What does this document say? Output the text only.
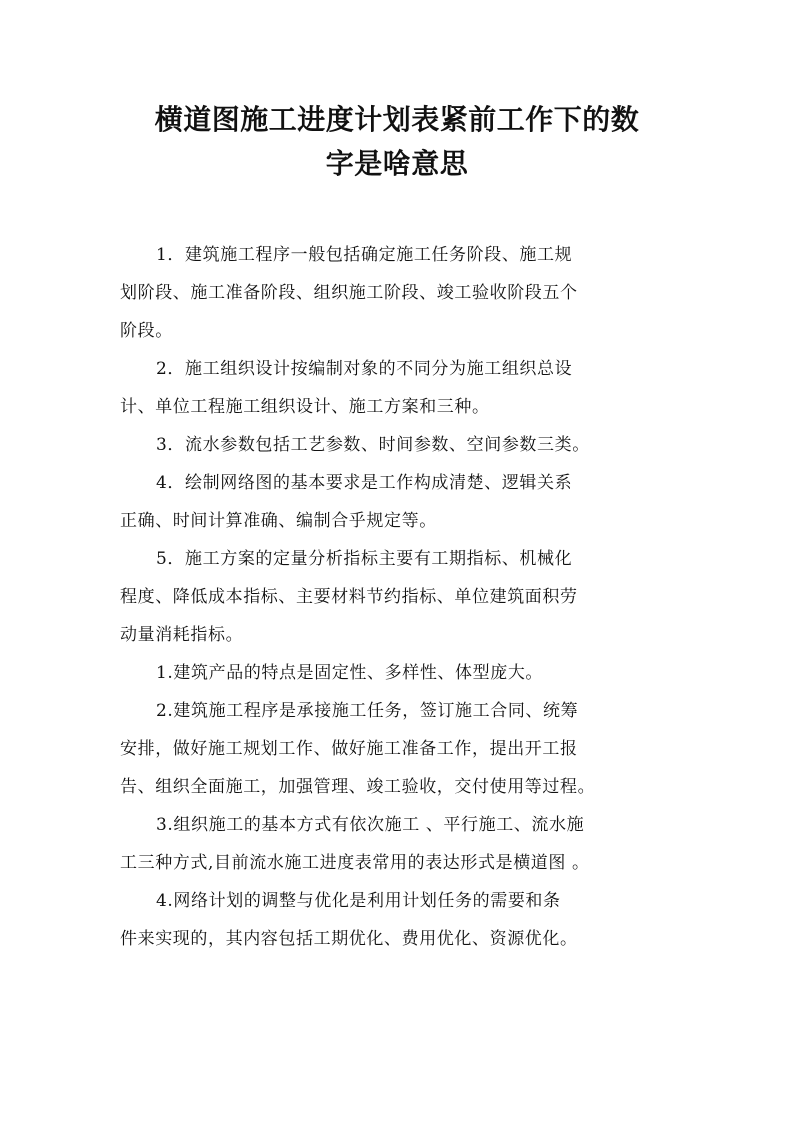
横道图施工进度计划表紧前工作下的数
字是啥意思
1．建筑施工程序一般包括确定施工任务阶段、施工规
划阶段、施工准备阶段、组织施工阶段、竣工验收阶段五个
阶段。
2．施工组织设计按编制对象的不同分为施工组织总设
计、单位工程施工组织设计、施工方案和三种。
3．流水参数包括工艺参数、时间参数、空间参数三类。
4．绘制网络图的基本要求是工作构成清楚、逻辑关系
正确、时间计算准确、编制合乎规定等。
5．施工方案的定量分析指标主要有工期指标、机械化
程度、降低成本指标、主要材料节约指标、单位建筑面积劳
动量消耗指标。
1.建筑产品的特点是固定性、多样性、体型庞大。
2.建筑施工程序是承接施工任务，签订施工合同、统筹
安排，做好施工规划工作、做好施工准备工作，提出开工报
告、组织全面施工，加强管理、竣工验收，交付使用等过程。
3.组织施工的基本方式有依次施工 、平行施工、流水施
工三种方式,目前流水施工进度表常用的表达形式是横道图 。
4.网络计划的调整与优化是利用计划任务的需要和条
件来实现的，其内容包括工期优化、费用优化、资源优化。
